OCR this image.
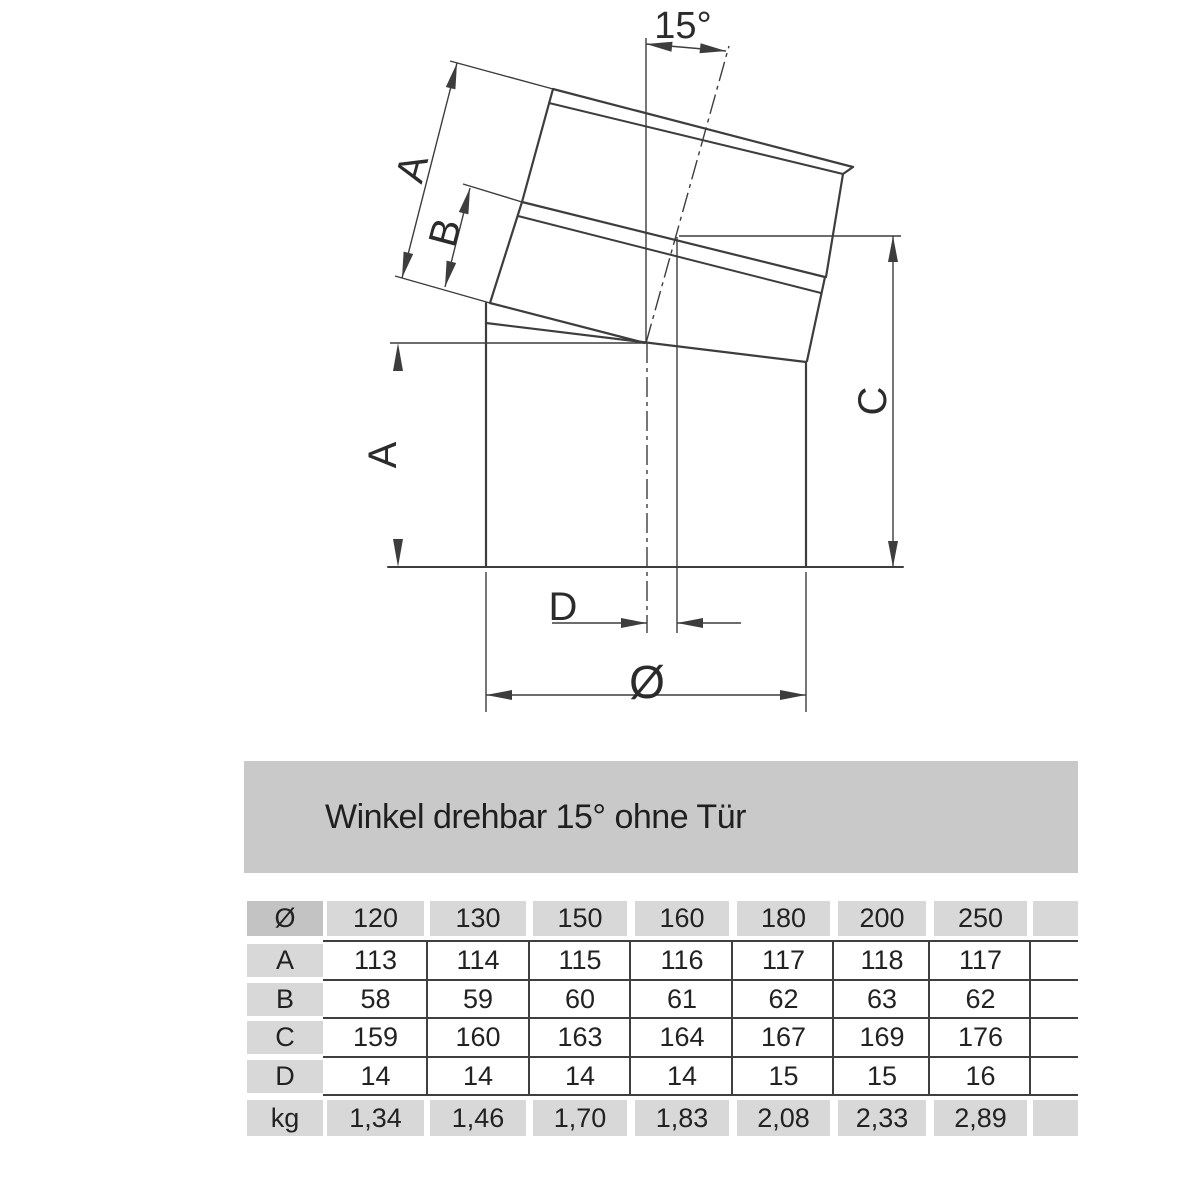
15°
A
B
A
C
D
Ø
Winkel drehbar 15° ohne Tür
Ø	120	130	150	160	180	200	250
A	113	114	115	116	117	118	117
B	58	59	60	61	62	63	62
C	159	160	163	164	167	169	176
D	14	14	14	14	15	15	16
kg	1,34	1,46	1,70	1,83	2,08	2,33	2,89
